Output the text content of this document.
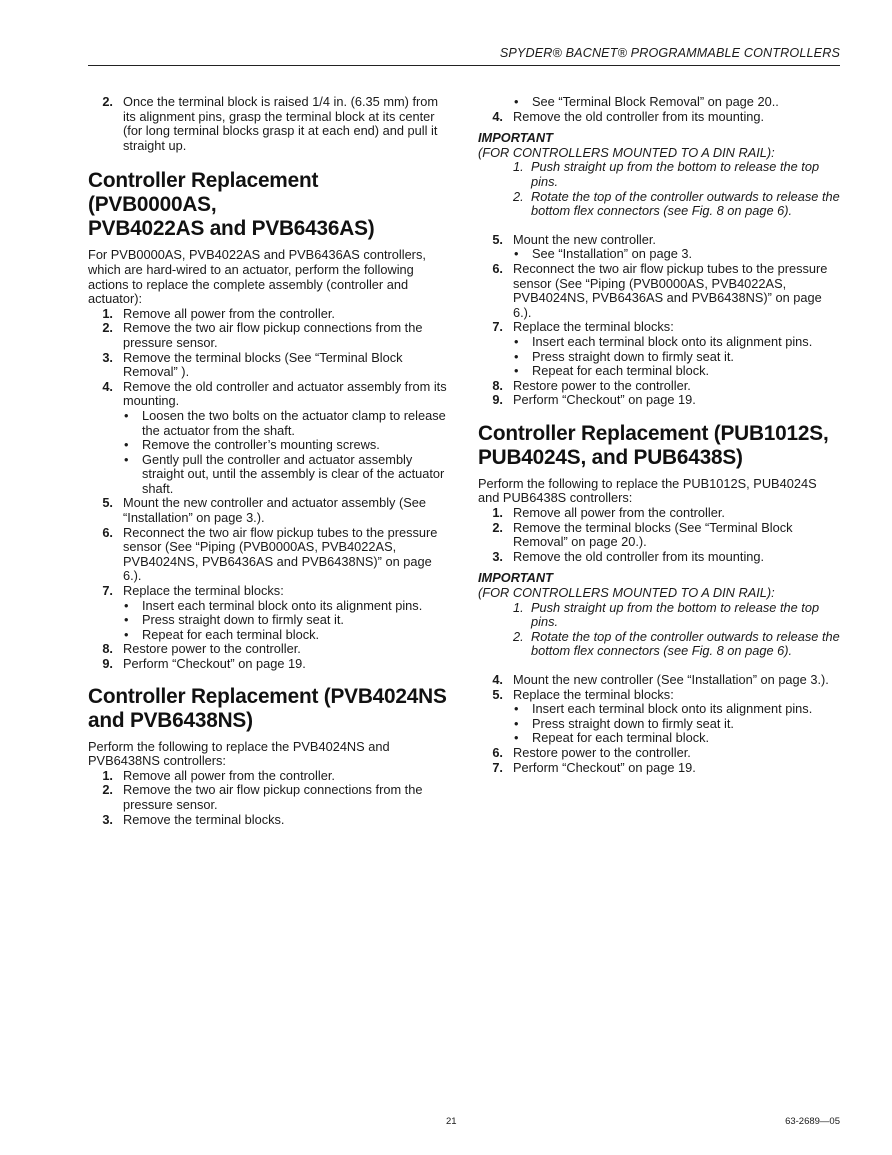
SPYDER® BACNET® PROGRAMMABLE CONTROLLERS
2. Once the terminal block is raised 1/4 in. (6.35 mm) from its alignment pins, grasp the terminal block at its center (for long terminal blocks grasp it at each end) and pull it straight up.
Controller Replacement (PVB0000AS,
PVB4022AS and PVB6436AS)

For PVB0000AS, PVB4022AS and PVB6436AS controllers, which are hard-wired to an actuator, perform the following actions to replace the complete assembly (controller and actuator):

1. Remove all power from the controller.
2. Remove the two air flow pickup connections from the pressure sensor.
3. Remove the terminal blocks (See “Terminal Block Removal” ).
4. Remove the old controller and actuator assembly from its mounting.
•	Loosen the two bolts on the actuator clamp to release the actuator from the shaft.
•	Remove the controller’s mounting screws.
•	Gently pull the controller and actuator assembly straight out, until the assembly is clear of the actuator shaft.
5. Mount the new controller and actuator assembly (See “Installation” on page 3.).
6. Reconnect the two air flow pickup tubes to the pressure sensor (See “Piping (PVB0000AS, PVB4022AS, PVB4024NS, PVB6436AS and PVB6438NS)” on page 6.).
7. Replace the terminal blocks:
•	Insert each terminal block onto its alignment pins.
•	Press straight down to firmly seat it.
•	Repeat for each terminal block.
8. Restore power to the controller.
9. Perform “Checkout” on page 19.
Controller Replacement (PVB4024NS
and PVB6438NS)

Perform the following to replace the PVB4024NS and PVB6438NS controllers:

1. Remove all power from the controller.
2. Remove the two air flow pickup connections from the pressure sensor.
3. Remove the terminal blocks.
•	See “Terminal Block Removal” on page 20..
4. Remove the old controller from its mounting.

IMPORTANT

(FOR CONTROLLERS MOUNTED TO A DIN RAIL):

1. Push straight up from the bottom to release the top pins.
2. Rotate the top of the controller outwards to release the bottom flex connectors (see Fig. 8 on page 6).
5. Mount the new controller.
•	See “Installation” on page 3.
6. Reconnect the two air flow pickup tubes to the pressure sensor (See “Piping (PVB0000AS, PVB4022AS, PVB4024NS, PVB6436AS and PVB6438NS)” on page 6.).
7. Replace the terminal blocks:
•	Insert each terminal block onto its alignment pins.
•	Press straight down to firmly seat it.
•	Repeat for each terminal block.
8. Restore power to the controller.
9. Perform “Checkout” on page 19.
Controller Replacement (PUB1012S,
PUB4024S, and PUB6438S)

Perform the following to replace the PUB1012S, PUB4024S and PUB6438S controllers:

1. Remove all power from the controller.
2. Remove the terminal blocks (See “Terminal Block Removal” on page 20.).
3. Remove the old controller from its mounting.

IMPORTANT

(FOR CONTROLLERS MOUNTED TO A DIN RAIL):

1. Push straight up from the bottom to release the top pins.
2. Rotate the top of the controller outwards to release the bottom flex connectors (see Fig. 8 on page 6).
4. Mount the new controller (See “Installation” on page 3.).
5. Replace the terminal blocks:
•	Insert each terminal block onto its alignment pins.
•	Press straight down to firmly seat it.
•	Repeat for each terminal block.
6. Restore power to the controller.
7. Perform “Checkout” on page 19.
21	63-2689—05
